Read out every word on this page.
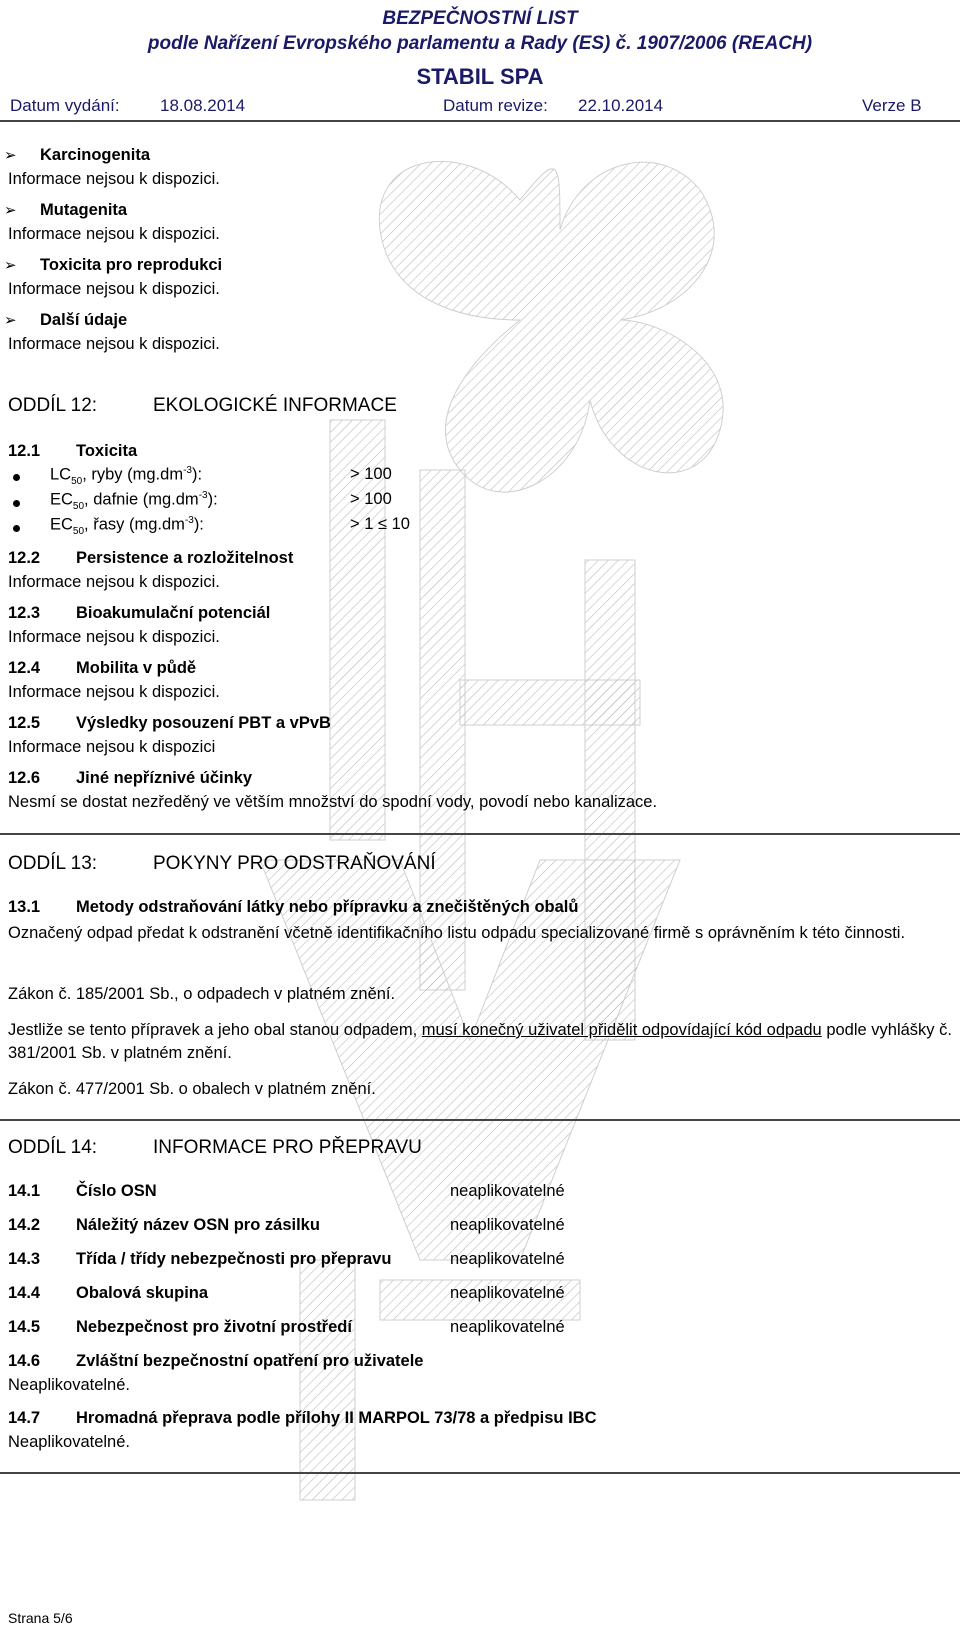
BEZPEČNOSTNÍ LIST
podle Nařízení Evropského parlamentu a Rady (ES) č. 1907/2006 (REACH)
STABIL SPA
Datum vydání: 18.08.2014	Datum revize: 22.10.2014	Verze B
➢ Karcinogenita
Informace nejsou k dispozici.
➢ Mutagenita
Informace nejsou k dispozici.
➢ Toxicita pro reprodukci
Informace nejsou k dispozici.
➢ Další údaje
Informace nejsou k dispozici.
ODDÍL 12:	EKOLOGICKÉ INFORMACE
12.1 Toxicita
$LC_{50}$, ryby $(mg.dm^{-3})$:	> 100
$EC_{50}$, dafnie $(mg.dm^{-3})$:	> 100
$EC_{50}$, řasy $(mg.dm^{-3})$:	> 1 ≤ 10
12.2 Persistence a rozložitelnost
Informace nejsou k dispozici.
12.3 Bioakumulační potenciál
Informace nejsou k dispozici.
12.4 Mobilita v půdě
Informace nejsou k dispozici.
12.5 Výsledky posouzení PBT a vPvB
Informace nejsou k dispozici
12.6 Jiné nepříznivé účinky
Nesmí se dostat nezředěný ve větším množství do spodní vody, povodí nebo kanalizace.
ODDÍL 13:	POKYNY PRO ODSTRAŇOVÁNÍ
13.1 Metody odstraňování látky nebo přípravku a znečištěných obalů
Označený odpad předat k odstranění včetně identifikačního listu odpadu specializované firmě s oprávněním k této činnosti.
Zákon č. 185/2001 Sb., o odpadech v platném znění.
Jestliže se tento přípravek a jeho obal stanou odpadem, musí konečný uživatel přidělit odpovídající kód odpadu podle vyhlášky č. 381/2001 Sb. v platném znění.
Zákon č. 477/2001 Sb. o obalech v platném znění.
ODDÍL 14:	INFORMACE PRO PŘEPRAVU
14.1 Číslo OSN	neaplikovatelné
14.2 Náležitý název OSN pro zásilku	neaplikovatelné
14.3 Třída / třídy nebezpečnosti pro přepravu	neaplikovatelné
14.4 Obalová skupina	neaplikovatelné
14.5 Nebezpečnost pro životní prostředí	neaplikovatelné
14.6 Zvláštní bezpečnostní opatření pro uživatele
Neaplikovatelné.
14.7 Hromadná přeprava podle přílohy II MARPOL 73/78 a předpisu IBC
Neaplikovatelné.
Strana 5/6
